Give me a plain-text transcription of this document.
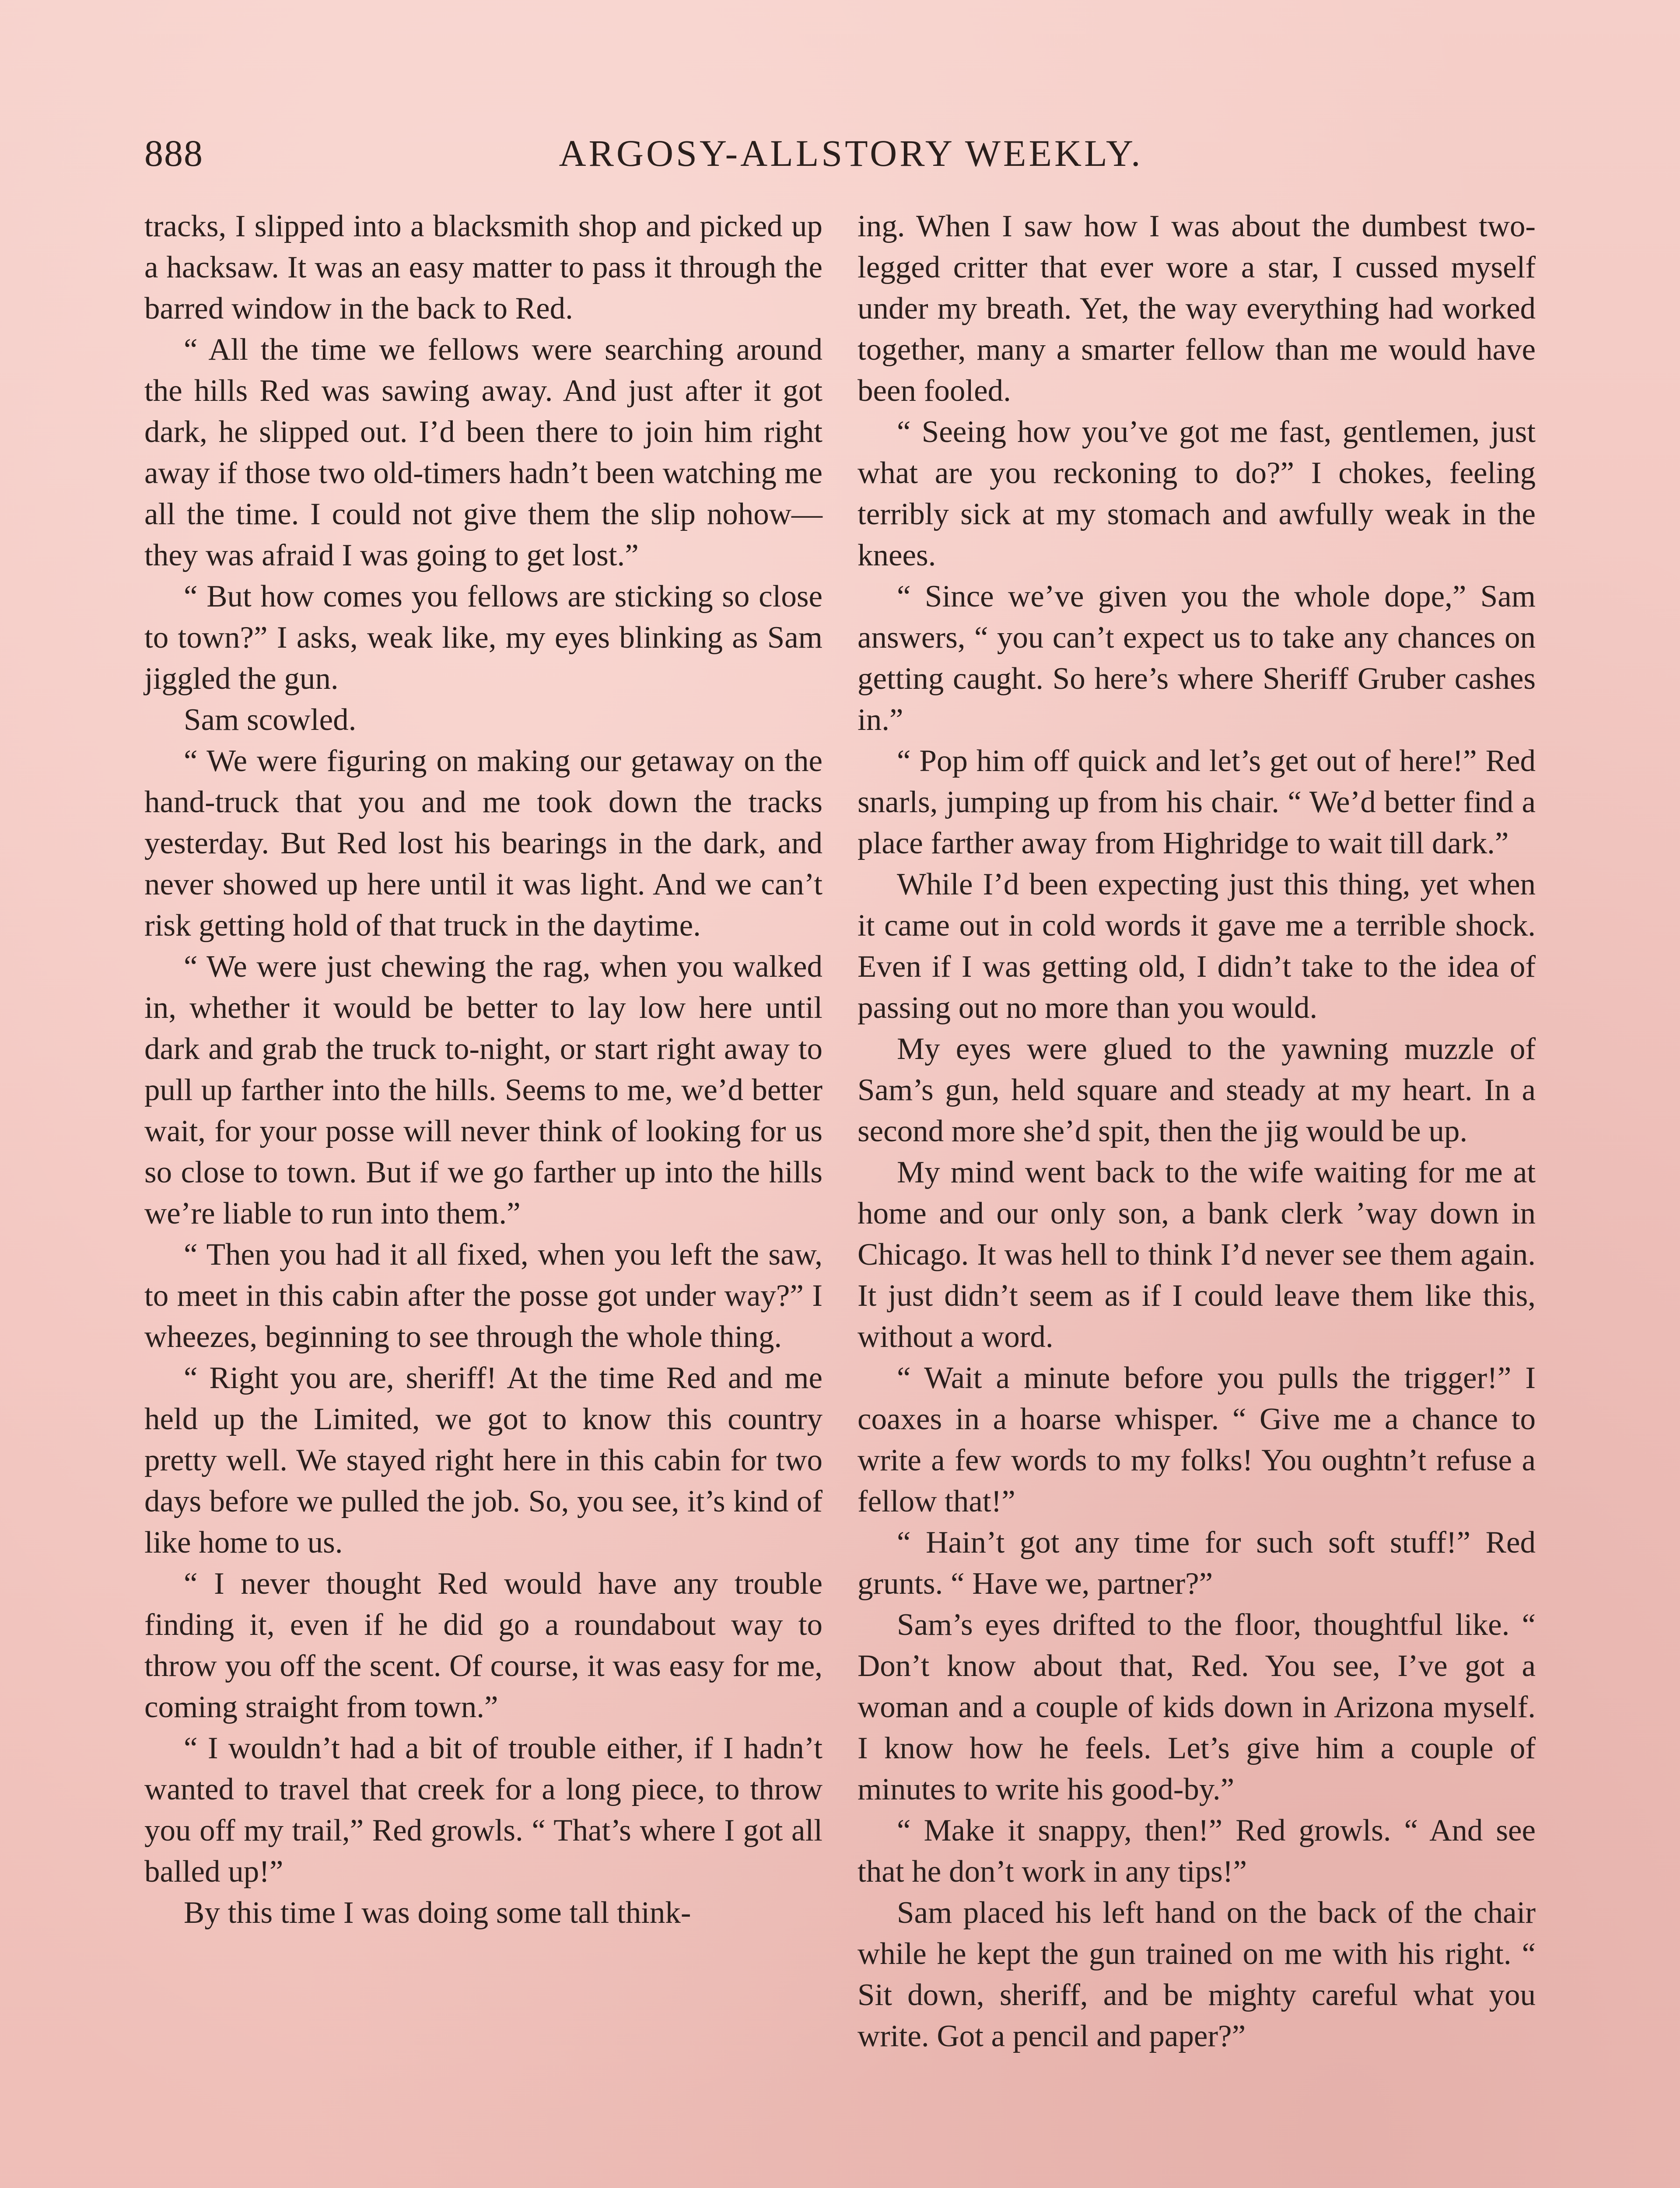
888	ARGOSY-ALLSTORY WEEKLY.

tracks, I slipped into a blacksmith shop and picked up a hacksaw. It was an easy matter to pass it through the barred window in the back to Red.

“ All the time we fellows were searching around the hills Red was sawing away. And just after it got dark, he slipped out. I’d been there to join him right away if those two old-timers hadn’t been watching me all the time. I could not give them the slip nohow—they was afraid I was going to get lost.”

“ But how comes you fellows are sticking so close to town?” I asks, weak like, my eyes blinking as Sam jiggled the gun.

Sam scowled.

“ We were figuring on making our getaway on the hand-truck that you and me took down the tracks yesterday. But Red lost his bearings in the dark, and never showed up here until it was light. And we can’t risk getting hold of that truck in the daytime.

“ We were just chewing the rag, when you walked in, whether it would be better to lay low here until dark and grab the truck to-night, or start right away to pull up farther into the hills. Seems to me, we’d better wait, for your posse will never think of looking for us so close to town. But if we go farther up into the hills we’re liable to run into them.”

“ Then you had it all fixed, when you left the saw, to meet in this cabin after the posse got under way?” I wheezes, beginning to see through the whole thing.

“ Right you are, sheriff! At the time Red and me held up the Limited, we got to know this country pretty well. We stayed right here in this cabin for two days before we pulled the job. So, you see, it’s kind of like home to us.

“ I never thought Red would have any trouble finding it, even if he did go a roundabout way to throw you off the scent. Of course, it was easy for me, coming straight from town.”

“ I wouldn’t had a bit of trouble either, if I hadn’t wanted to travel that creek for a long piece, to throw you off my trail,” Red growls. “ That’s where I got all balled up!”

By this time I was doing some tall think-

ing. When I saw how I was about the dumbest two-legged critter that ever wore a star, I cussed myself under my breath. Yet, the way everything had worked together, many a smarter fellow than me would have been fooled.

“ Seeing how you’ve got me fast, gentlemen, just what are you reckoning to do?” I chokes, feeling terribly sick at my stomach and awfully weak in the knees.

“ Since we’ve given you the whole dope,” Sam answers, “ you can’t expect us to take any chances on getting caught. So here’s where Sheriff Gruber cashes in.”

“ Pop him off quick and let’s get out of here!” Red snarls, jumping up from his chair. “ We’d better find a place farther away from Highridge to wait till dark.”

While I’d been expecting just this thing, yet when it came out in cold words it gave me a terrible shock. Even if I was getting old, I didn’t take to the idea of passing out no more than you would.

My eyes were glued to the yawning muzzle of Sam’s gun, held square and steady at my heart. In a second more she’d spit, then the jig would be up.

My mind went back to the wife waiting for me at home and our only son, a bank clerk ’way down in Chicago. It was hell to think I’d never see them again. It just didn’t seem as if I could leave them like this, without a word.

“ Wait a minute before you pulls the trigger!” I coaxes in a hoarse whisper. “ Give me a chance to write a few words to my folks! You oughtn’t refuse a fellow that!”

“ Hain’t got any time for such soft stuff!” Red grunts. “ Have we, partner?”

Sam’s eyes drifted to the floor, thoughtful like. “ Don’t know about that, Red. You see, I’ve got a woman and a couple of kids down in Arizona myself. I know how he feels. Let’s give him a couple of minutes to write his good-by.”

“ Make it snappy, then!” Red growls. “ And see that he don’t work in any tips!”

Sam placed his left hand on the back of the chair while he kept the gun trained on me with his right. “ Sit down, sheriff, and be mighty careful what you write. Got a pencil and paper?”
